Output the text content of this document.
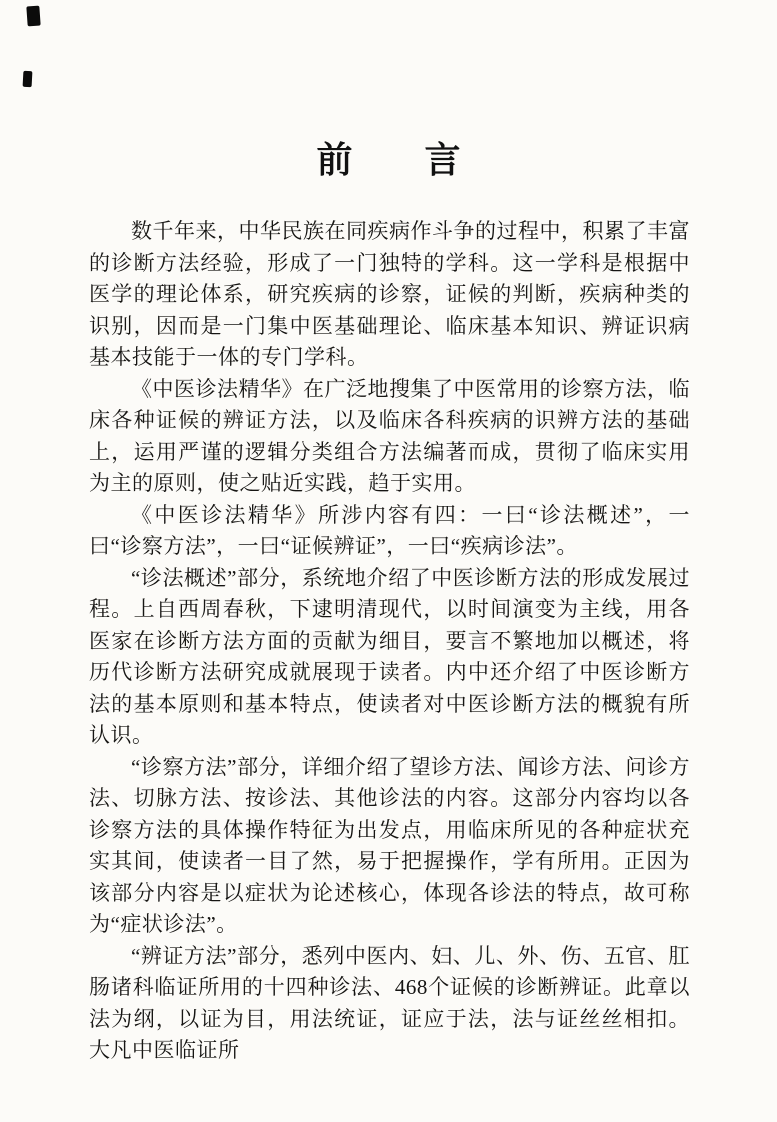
前　　言

数千年来，中华民族在同疾病作斗争的过程中，积累了丰富的诊断方法经验，形成了一门独特的学科。这一学科是根据中医学的理论体系，研究疾病的诊察，证候的判断，疾病种类的识别，因而是一门集中医基础理论、临床基本知识、辨证识病基本技能于一体的专门学科。

《中医诊法精华》在广泛地搜集了中医常用的诊察方法，临床各种证候的辨证方法，以及临床各科疾病的识辨方法的基础上，运用严谨的逻辑分类组合方法编著而成，贯彻了临床实用为主的原则，使之贴近实践，趋于实用。

《中医诊法精华》所涉内容有四：一曰“诊法概述”，一曰“诊察方法”，一曰“证候辨证”，一曰“疾病诊法”。

“诊法概述”部分，系统地介绍了中医诊断方法的形成发展过程。上自西周春秋，下逮明清现代，以时间演变为主线，用各医家在诊断方法方面的贡献为细目，要言不繁地加以概述，将历代诊断方法研究成就展现于读者。内中还介绍了中医诊断方法的基本原则和基本特点，使读者对中医诊断方法的概貌有所认识。

“诊察方法”部分，详细介绍了望诊方法、闻诊方法、问诊方法、切脉方法、按诊法、其他诊法的内容。这部分内容均以各诊察方法的具体操作特征为出发点，用临床所见的各种症状充实其间，使读者一目了然，易于把握操作，学有所用。正因为该部分内容是以症状为论述核心，体现各诊法的特点，故可称为“症状诊法”。

“辨证方法”部分，悉列中医内、妇、儿、外、伤、五官、肛肠诸科临证所用的十四种诊法、468个证候的诊断辨证。此章以法为纲，以证为目，用法统证，证应于法，法与证丝丝相扣。大凡中医临证所
